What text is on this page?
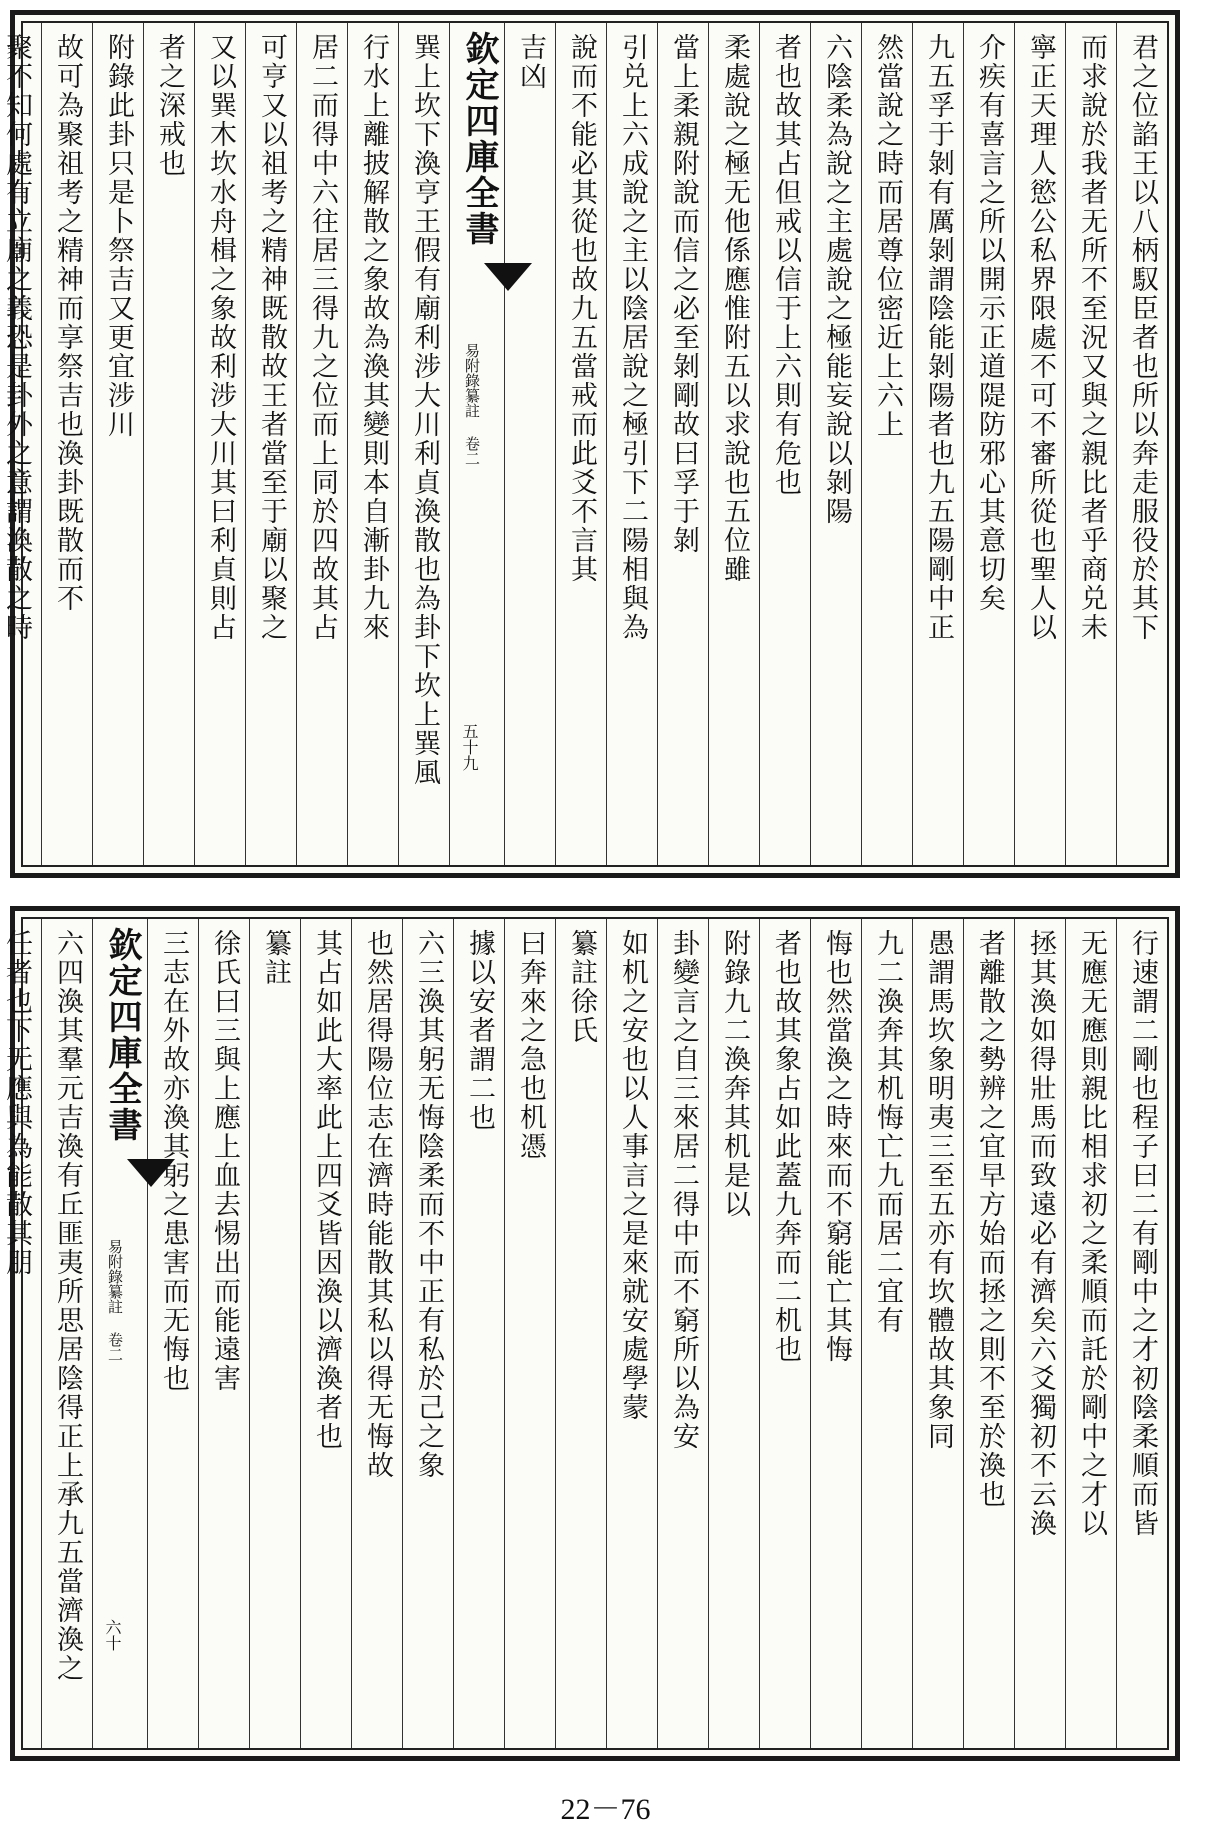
君之位諂王以八柄馭臣者也所以奔走服役於其下
而求說於我者无所不至況又與之親比者乎商兑未
寧正天理人慾公私界限處不可不審所從也聖人以
介疾有喜言之所以開示正道隄防邪心其意切矣
九五孚于剝有厲剝謂陰能剝陽者也九五陽剛中正
然當說之時而居尊位密近上六上
六陰柔為說之主處說之極能妄說以剝陽
者也故其占但戒以信于上六則有危也
柔處說之極无他係應惟附五以求說也五位雖
當上柔親附說而信之必至剝剛故曰孚于剝
引兑上六成說之主以陰居說之極引下二陽相與為
說而不能必其從也故九五當戒而此爻不言其
吉凶
欽定四庫全書
易附錄纂註 卷二
五十九
巽上坎下渙亨王假有廟利涉大川利貞渙散也為卦下坎上巽風
行水上離披解散之象故為渙其變則本自漸卦九來
居二而得中六往居三得九之位而上同於四故其占
可亨又以祖考之精神既散故王者當至于廟以聚之
又以巽木坎水舟楫之象故利涉大川其曰利貞則占
者之深戒也
附錄此卦只是卜祭吉又更宜涉川
故可為聚祖考之精神而享祭吉也渙卦既散而不
聚不知何處有立廟之義恐是卦外之意謂渙散之時
行速謂二剛也程子曰二有剛中之才初陰柔順而皆
无應无應則親比相求初之柔順而託於剛中之才以
拯其渙如得壯馬而致遠必有濟矣六爻獨初不云渙
者離散之勢辨之宜早方始而拯之則不至於渙也
愚謂馬坎象明夷三至五亦有坎體故其象同
九二渙奔其机悔亡九而居二宜有
悔也然當渙之時來而不窮能亡其悔
者也故其象占如此蓋九奔而二机也
附錄九二渙奔其机是以
卦變言之自三來居二得中而不窮所以為安
如机之安也以人事言之是來就安處學蒙
纂註徐氏
曰奔來之急也机憑
據以安者謂二也
六三渙其躬无悔陰柔而不中正有私於己之象
也然居得陽位志在濟時能散其私以得无悔故
其占如此大率此上四爻皆因渙以濟渙者也
纂註
徐氏曰三與上應上血去惕出而能遠害
三志在外故亦渙其躬之患害而无悔也
欽定四庫全書
易附錄纂註 卷二
六十
六四渙其羣元吉渙有丘匪夷所思居陰得正上承九五當濟渙之
任者也下无應與為能散其朋
22－76
